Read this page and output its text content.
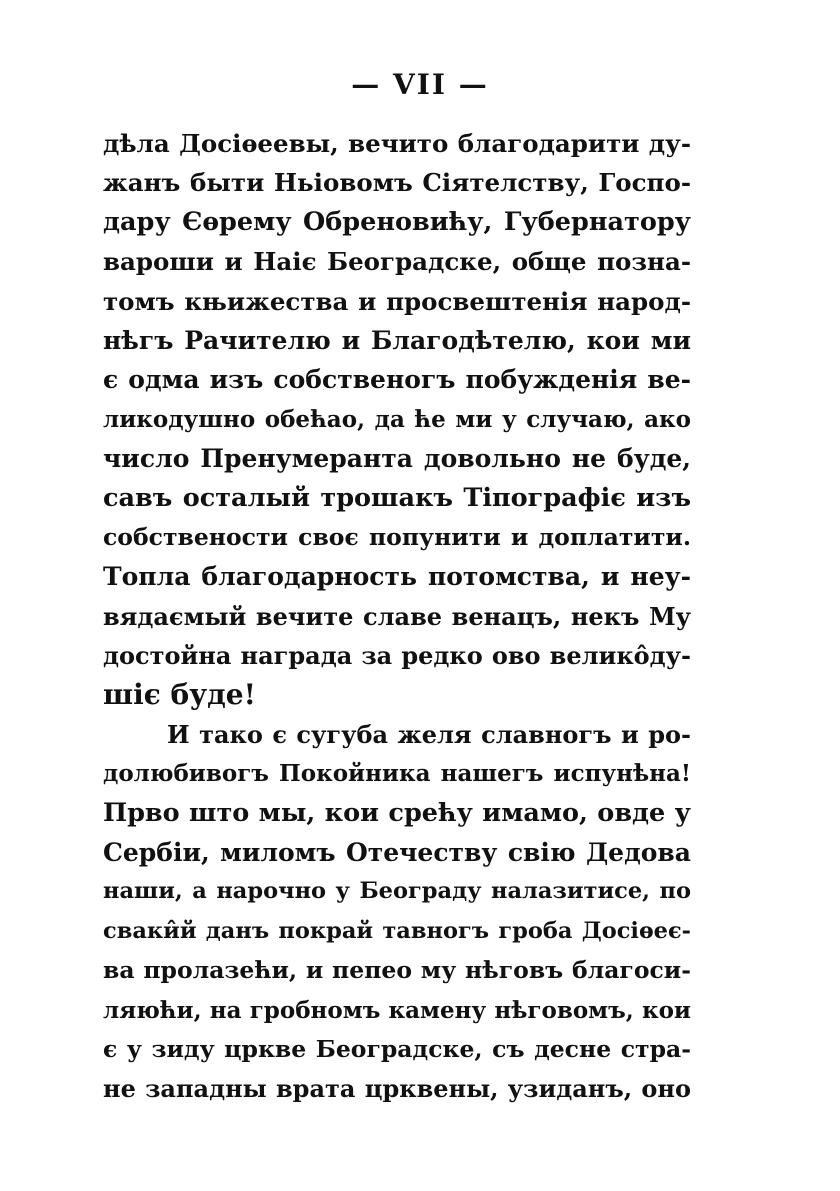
— VII —
дѣла Досіѳеевы, вечито благодарити ду-
жанъ быти Ньіовомъ Сіятелству, Госпо-
дару Єѳрему Обреновићу, Губернатору
вароши и Наіє Београдске, обще позна-
томъ књижества и просвештенія народ-
нѣгъ Рачителю и Благодѣтелю, кои ми
є одма изъ собственогъ побужденія ве-
ликодушно обећао, да ће ми у случаю, ако
число Пренумеранта довольно не буде,
савъ осталый трошакъ Тіпографіє изъ
собствености своє попунити и доплатити.
Топла благодарность потомства, и неу-
вядаємый вечите славе венацъ, некъ Му
достойна награда за редко ово велико̂ду-
шіє буде!
И тако є сугуба желя славногъ и ро-
долюбивогъ Покойника нашегъ испунѣна!
Прво што мы, кои срећу имамо, овде у
Сербіи, миломъ Отечеству свію Дедова
наши, а нарочно у Београду налазитисе, по
сваки̂й данъ покрай тавногъ гроба Досіѳеє-
ва пролазећи, и пепео му нѣговъ благоси-
ляюћи, на гробномъ камену нѣговомъ, кои
є у зиду цркве Београдске, съ десне стра-
не западны врата црквены, узиданъ, оно
